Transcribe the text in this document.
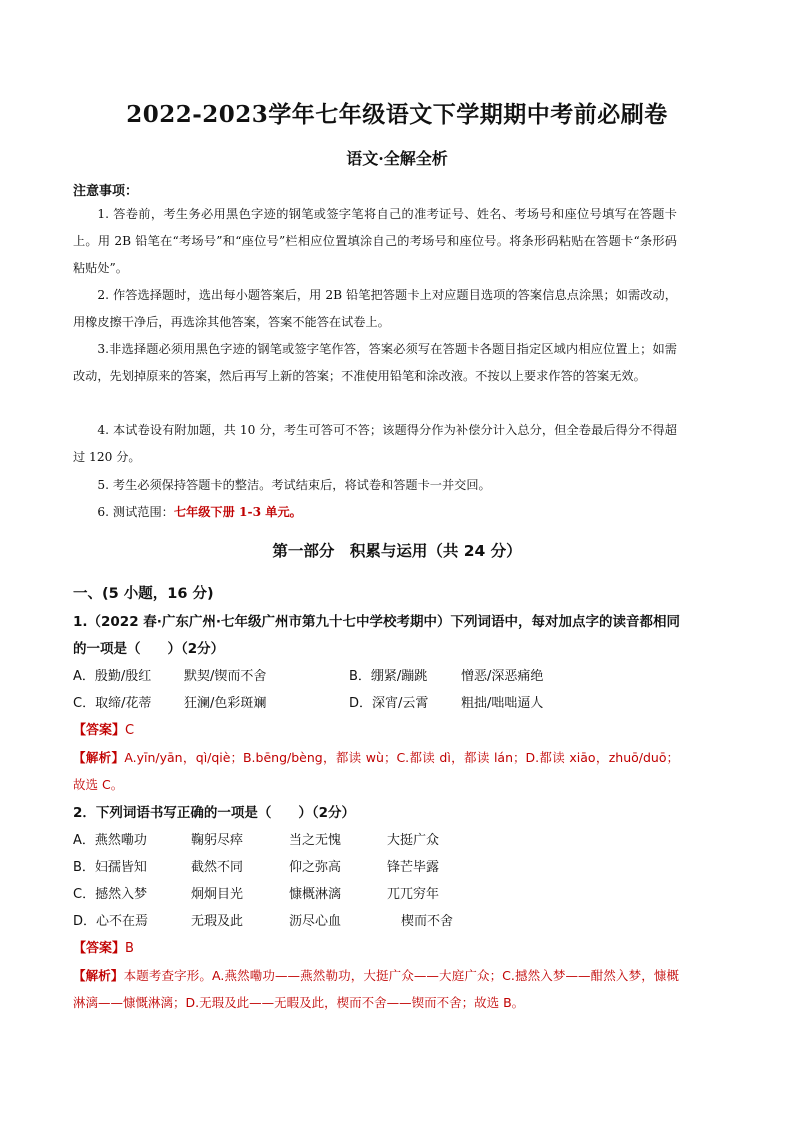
2022-2023学年七年级语文下学期期中考前必刷卷
语文·全解全析
注意事项：

1. 答卷前，考生务必用黑色字迹的钢笔或签字笔将自己的准考证号、姓名、考场号和座位号填写在答题卡上。用 2B 铅笔在“考场号”和“座位号”栏相应位置填涂自己的考场号和座位号。将条形码粘贴在答题卡“条形码粘贴处”。

2. 作答选择题时，选出每小题答案后，用 2B 铅笔把答题卡上对应题目选项的答案信息点涂黑；如需改动，用橡皮擦干净后，再选涂其他答案，答案不能答在试卷上。

3.非选择题必须用黑色字迹的钢笔或签字笔作答，答案必须写在答题卡各题目指定区域内相应位置上；如需改动，先划掉原来的答案，然后再写上新的答案；不准使用铅笔和涂改液。不按以上要求作答的答案无效。

4. 本试卷设有附加题，共 10 分，考生可答可不答；该题得分作为补偿分计入总分，但全卷最后得分不得超过 120 分。

5. 考生必须保持答题卡的整洁。考试结束后，将试卷和答题卡一并交回。

6. 测试范围：七年级下册 1-3 单元。

第一部分　积累与运用（共 24 分）
一、(5 小题，16 分)

1.（2022 春·广东广州·七年级广州市第九十七中学校考期中）下列词语中，每对加点字的读音都相同的一项是（　　）（2分）

A．殷勤/殷红	默契/锲而不舍	B．绷紧/蹦跳	憎恶/深恶痛绝
C．取缔/花蒂	狂澜/色彩斑斓	D．深宵/云霄	粗拙/咄咄逼人
【答案】C

【解析】A.yīn/yān，qì/qiè；B.bēng/bèng，都读 wù；C.都读 dì，都读 lán；D.都读 xiāo，zhuō/duō；故选 C。

2．下列词语书写正确的一项是（　　）（2分）

A．燕然嘞功	鞠躬尽瘁	当之无愧	大挺广众
B．妇孺皆知	截然不同	仰之弥高	锋芒毕露
C．撼然入梦	炯炯目光	慷概淋漓	兀兀穷年
D．心不在焉	无瑕及此	沥尽心血	楔而不舍
【答案】B

【解析】本题考查字形。A.燕然嘞功——燕然勒功，大挺广众——大庭广众；C.撼然入梦——酣然入梦，慷概淋漓——慷慨淋漓；D.无瑕及此——无暇及此，楔而不舍——锲而不舍；故选 B。
